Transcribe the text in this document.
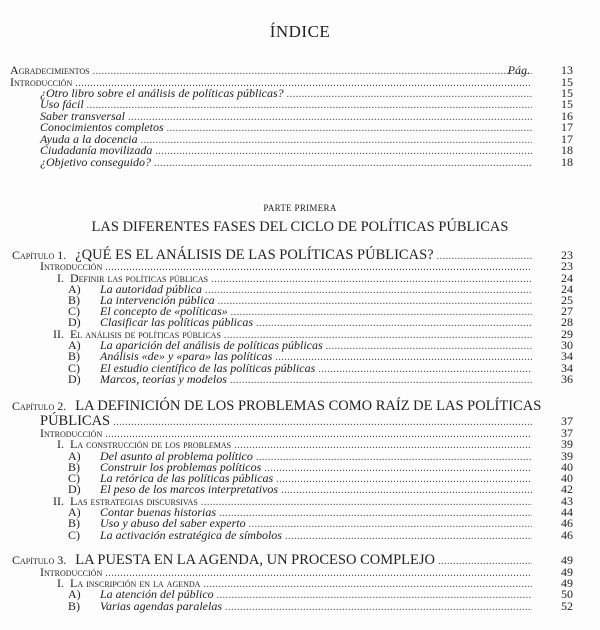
ÍNDICE
PARTE PRIMERA
LAS DIFERENTES FASES DEL CICLO DE POLÍTICAS PÚBLICAS
Agradecimientos .....	13
Pág.
Introducción .....	15
¿Otro libro sobre el análisis de políticas públicas? .....	15
Uso fácil .....	15
Saber transversal .....	16
Conocimientos completos .....	17
Ayuda a la docencia .....	17
Ciudadanía movilizada .....	18
¿Objetivo conseguido? .....	18
Capítulo 1.
¿QUÉ ES EL ANÁLISIS DE LAS POLÍTICAS PÚBLICAS? .....	23
Introducción .....	23
I. Definir las políticas públicas .....	24
A)	La autoridad pública .....	24
B)	La intervención pública .....	25
C)	El concepto de «políticas» .....	27
D)	Clasificar las políticas públicas .....	28
II. El análisis de políticas públicas .....	29
A)	La aparición del análisis de políticas públicas .....	30
B)	Análisis «de» y «para» las políticas .....	34
C)	El estudio científico de las políticas públicas .....	34
D)	Marcos, teorías y modelos .....	36
Capítulo 2.
LA DEFINICIÓN DE LOS PROBLEMAS COMO RAÍZ DE LAS POLÍTICAS
PÚBLICAS .....	37
Introducción .....	37
I. La construcción de los problemas .....	39
A)	Del asunto al problema político .....	39
B)	Construir los problemas políticos .....	40
C)	La retórica de las políticas públicas .....	40
D)	El peso de los marcos interpretativos .....	42
II. Las estrategias discursivas .....	43
A)	Contar buenas historias .....	44
B)	Uso y abuso del saber experto .....	46
C)	La activación estratégica de símbolos .....	46
Capítulo 3.
LA PUESTA EN LA AGENDA, UN PROCESO COMPLEJO .....	49
Introducción .....	49
I. La inscripción en la agenda .....	49
A)	La atención del público .....	50
B)	Varias agendas paralelas .....	52
